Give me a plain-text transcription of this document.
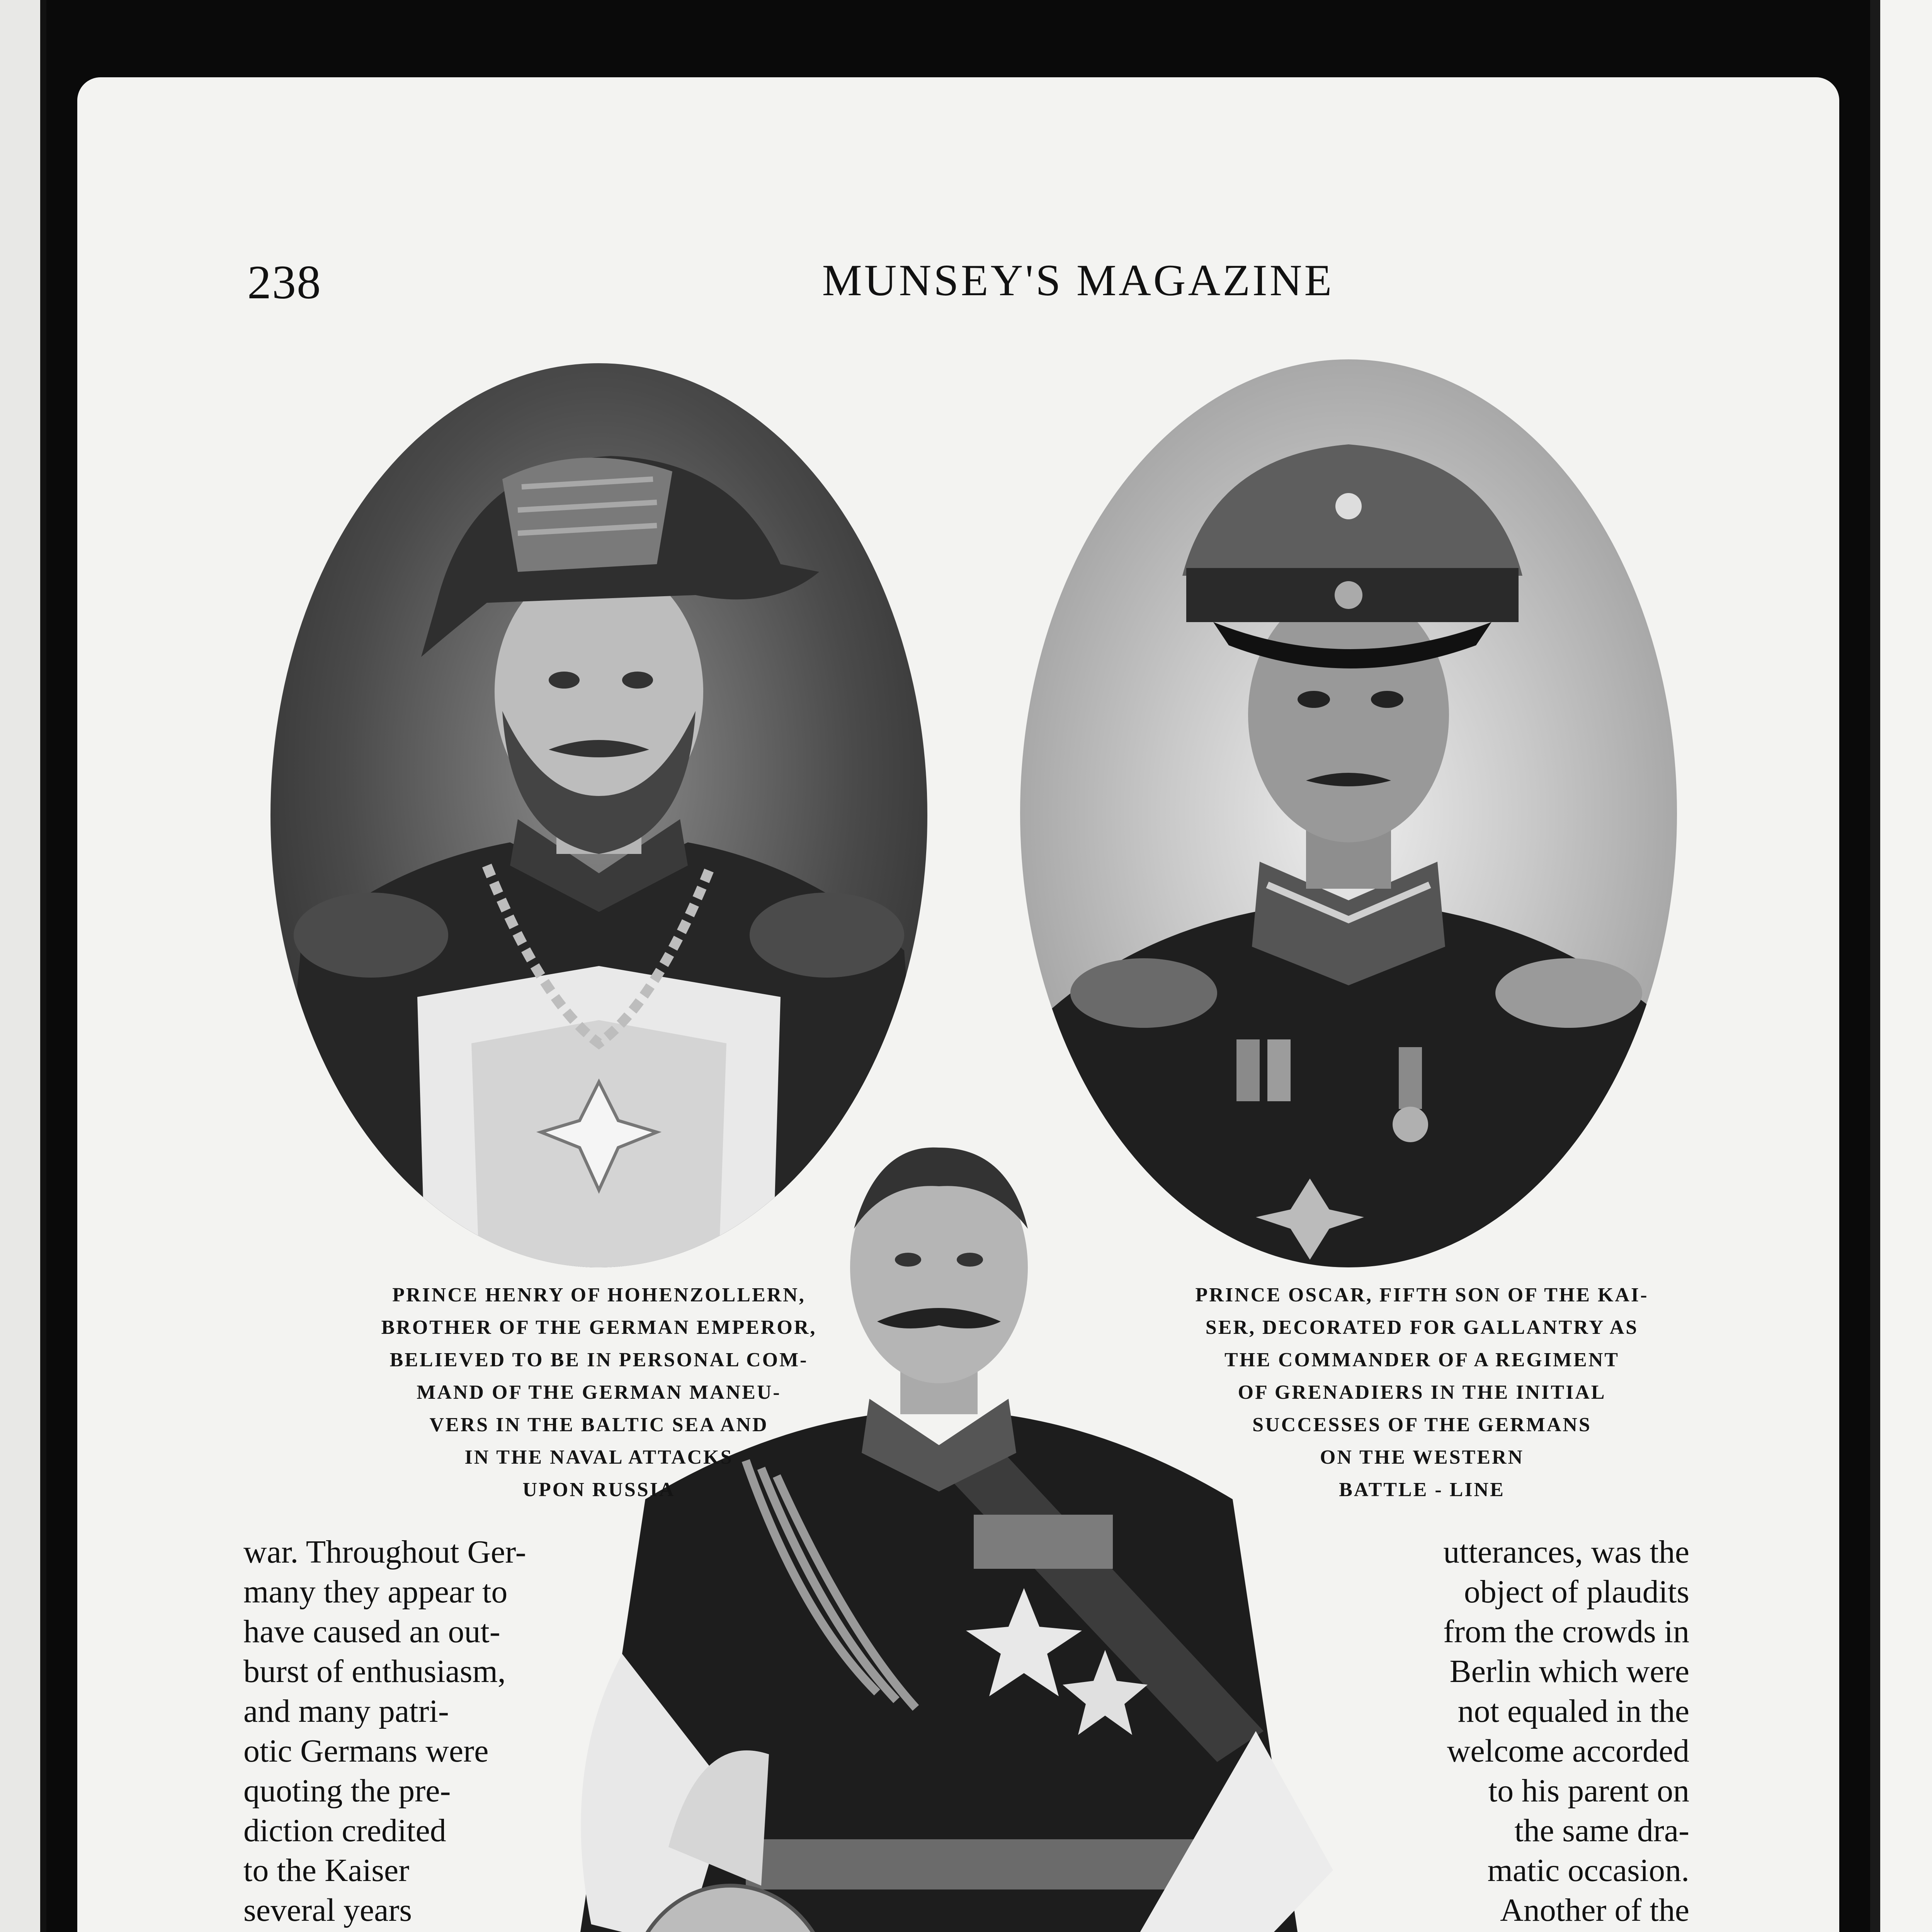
238	MUNSEY'S MAGAZINE
PRINCE HENRY OF HOHENZOLLERN,
BROTHER OF THE GERMAN EMPEROR,
BELIEVED TO BE IN PERSONAL COM-
MAND OF THE GERMAN MANEU-
VERS IN THE BALTIC SEA AND
IN THE NAVAL ATTACKS
UPON RUSSIA
PRINCE OSCAR, FIFTH SON OF THE KAI-
SER, DECORATED FOR GALLANTRY AS
THE COMMANDER OF A REGIMENT
OF GRENADIERS IN THE INITIAL
SUCCESSES OF THE GERMANS
ON THE WESTERN
BATTLE - LINE
war. Throughout Ger-
many they appear to
have caused an out-
burst of enthusiasm,
and many patri-
otic Germans were
quoting the pre-
diction credited
to the Kaiser
several years
utterances, was the
object of plaudits
from the crowds in
Berlin which were
not equaled in the
welcome accorded
to his parent on
the same dra-
matic occasion.
Another of the
